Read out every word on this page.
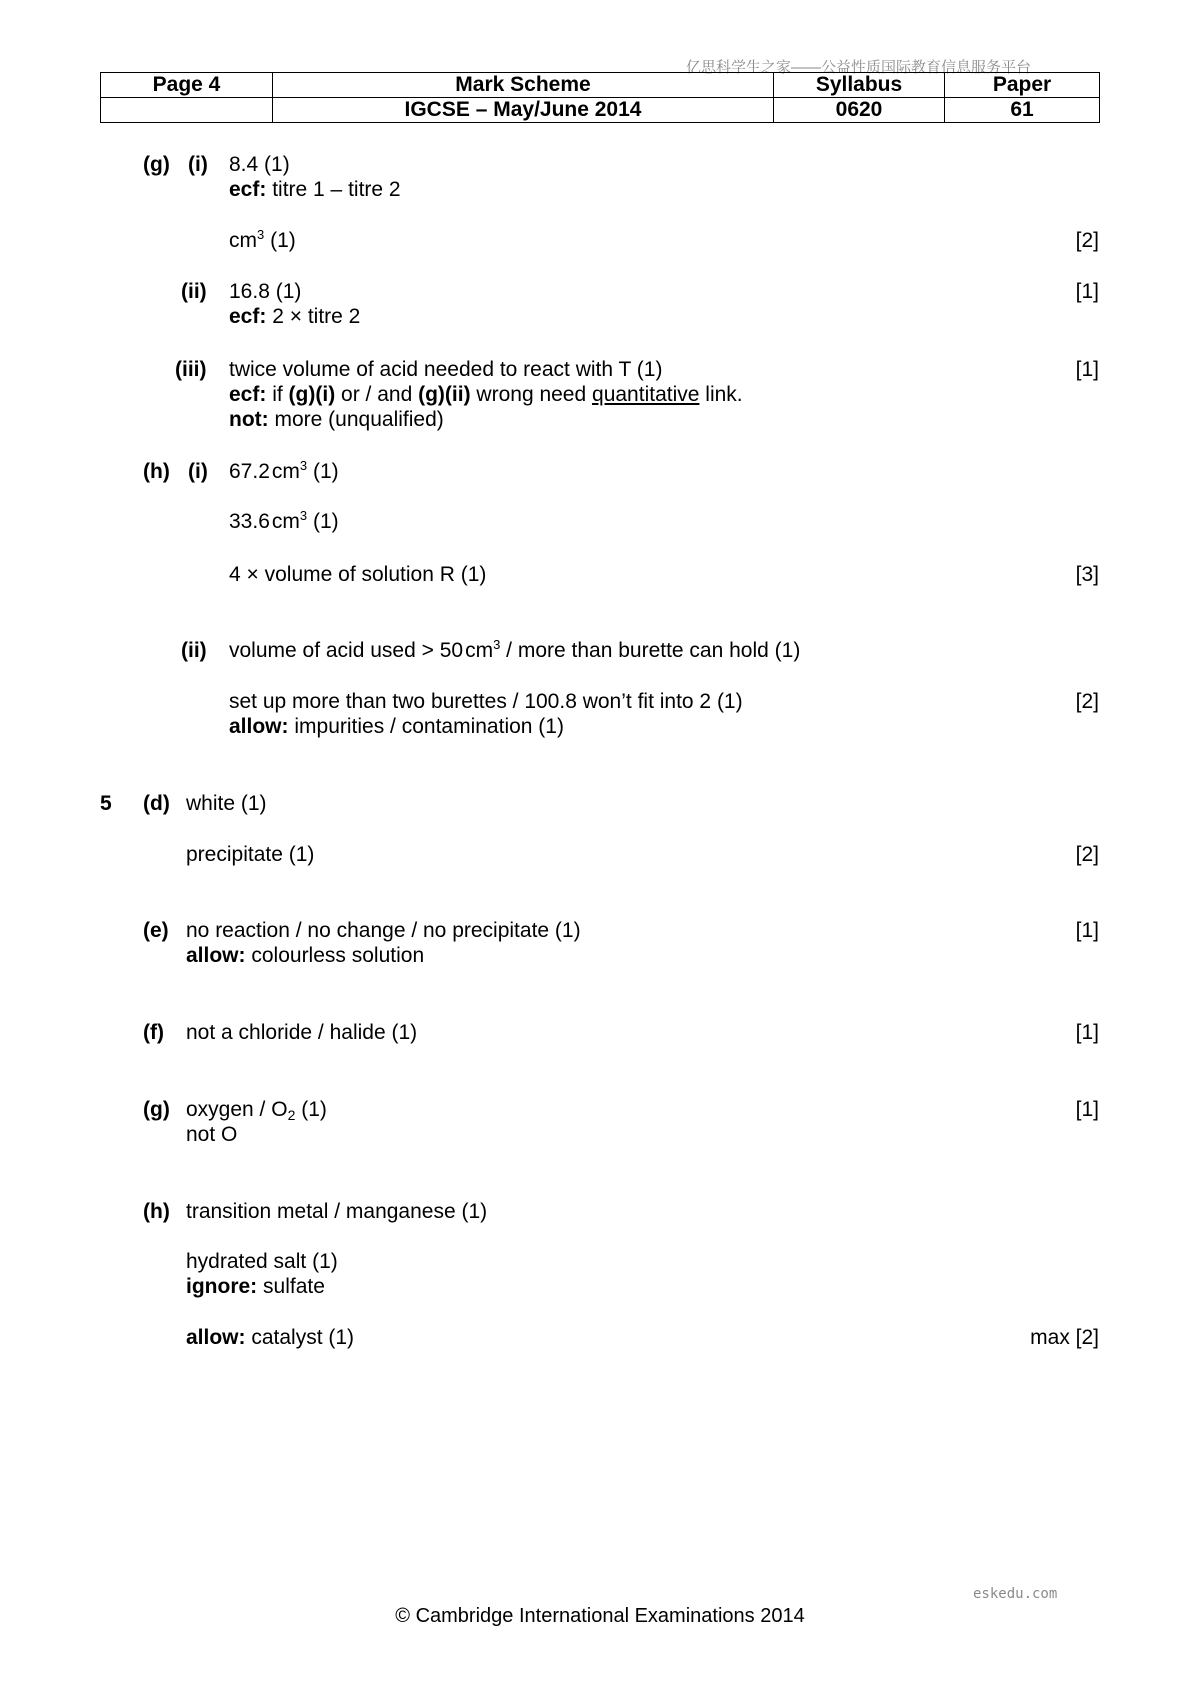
亿思科学生之家——公益性质国际教育信息服务平台
Page 4	Mark Scheme	Syllabus	Paper
	IGCSE – May/June 2014	0620	61
(g) (i) 8.4 (1)
ecf: titre 1 – titre 2
$cm^3$ (1)	[2]
(ii) 16.8 (1)	[1]
ecf: 2 × titre 2
(iii) twice volume of acid needed to react with T (1)	[1]
ecf: if (g)(i) or / and (g)(ii) wrong need quantitative link.
not: more (unqualified)
(h) (i) $67.2cm^3$ (1)
$33.6cm^3$ (1)
4 × volume of solution R (1)	[3]
(ii) volume of acid used > $50cm^3$ / more than burette can hold (1)
set up more than two burettes / 100.8 won’t fit into 2 (1)	[2]
allow: impurities / contamination (1)
5 (d) white (1)
precipitate (1)	[2]
(e) no reaction / no change / no precipitate (1)	[1]
allow: colourless solution
(f) not a chloride / halide (1)	[1]
(g) oxygen / $O_2$ (1)	[1]
not O
(h) transition metal / manganese (1)
hydrated salt (1)
ignore: sulfate
allow: catalyst (1)	max [2]
eskedu.com
© Cambridge International Examinations 2014
